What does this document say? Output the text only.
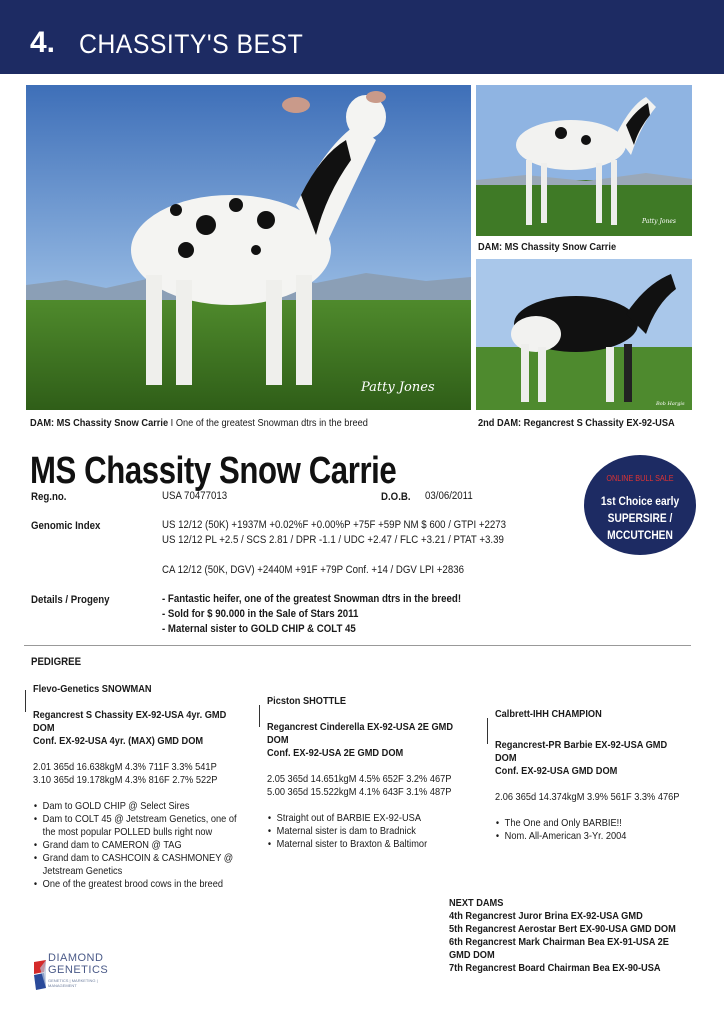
4. CHASSITY'S BEST
Patty Jones
DAM: MS Chassity Snow Carrie I One of the greatest Snowman dtrs in the breed
Patty Jones
DAM: MS Chassity Snow Carrie
Bob Hargis
2nd DAM: Regancrest S Chassity EX-92-USA
MS Chassity Snow Carrie	ONLINE BULL SALE
1st Choice early
SUPERSIRE /
MCCUTCHEN
Reg.no.	USA 70477013	D.O.B. 03/06/2011
Genomic Index	US 12/12 (50K) +1937M +0.02%F +0.00%P +75F +59P NM $ 600 / GTPI +2273
US 12/12 PL +2.5 / SCS 2.81 / DPR -1.1 / UDC +2.47 / FLC +3.21 / PTAT +3.39
CA 12/12 (50K, DGV) +2440M +91F +79P Conf. +14 / DGV LPI +2836
Details / Progeny	- Fantastic heifer, one of the greatest Snowman dtrs in the breed!
- Sold for $ 90.000 in the Sale of Stars 2011
- Maternal sister to GOLD CHIP & COLT 45
PEDIGREE
Flevo-Genetics SNOWMAN
Regancrest S Chassity EX-92-USA 4yr. GMD DOM
Conf. EX-92-USA 4yr. (MAX) GMD DOM
2.01 365d 16.638kgM 4.3% 711F 3.3% 541P
3.10 365d 19.178kgM 4.3% 816F 2.7% 522P
• Dam to GOLD CHIP @ Select Sires
• Dam to COLT 45 @ Jetstream Genetics, one of the most popular POLLED bulls right now
• Grand dam to CAMERON @ TAG
• Grand dam to CASHCOIN & CASHMONEY @ Jetstream Genetics
• One of the greatest brood cows in the breed
Picston SHOTTLE
Regancrest Cinderella EX-92-USA 2E GMD DOM
Conf. EX-92-USA 2E GMD DOM
2.05 365d 14.651kgM 4.5% 652F 3.2% 467P
5.00 365d 15.522kgM 4.1% 643F 3.1% 487P
• Straight out of BARBIE EX-92-USA
• Maternal sister is dam to Bradnick
• Maternal sister to Braxton & Baltimor
Calbrett-IHH CHAMPION
Regancrest-PR Barbie EX-92-USA GMD DOM
Conf. EX-92-USA GMD DOM
2.06 365d 14.374kgM 3.9% 561F 3.3% 476P
• The One and Only BARBIE!!
• Nom. All-American 3-Yr. 2004
NEXT DAMS
4th Regancrest Juror Brina EX-92-USA GMD
5th Regancrest Aerostar Bert EX-90-USA GMD DOM
6th Regancrest Mark Chairman Bea EX-91-USA 2E GMD DOM
7th Regancrest Board Chairman Bea EX-90-USA
DIAMOND
GENETICS
GENETICS | MARKETING | MANAGEMENT
